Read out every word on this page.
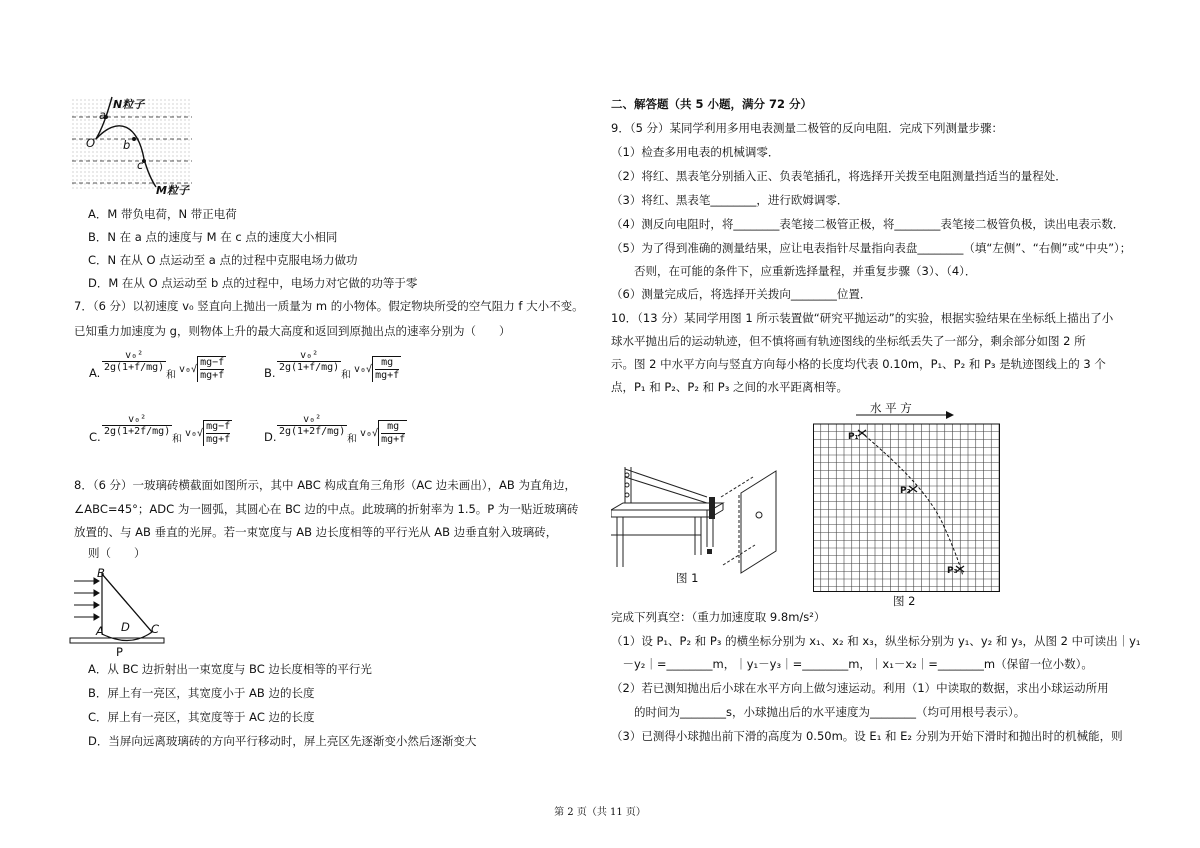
N粒子
a
O b
c
M粒子
A．M 带负电荷，N 带正电荷
B．N 在 a 点的速度与 M 在 c 点的速度大小相同
C．N 在从 O 点运动至 a 点的过程中克服电场力做功
D．M 在从 O 点运动至 b 点的过程中，电场力对它做的功等于零
7．（6 分）以初速度 v₀ 竖直向上抛出一质量为 m 的小物体。假定物块所受的空气阻力 f 大小不变。
已知重力加速度为 g，则物体上升的最大高度和返回到原抛出点的速率分别为（　　）
A. $\frac{\text{v₀²}}{2g(1+f/mg)}$
和
$v_0√ \frac{mg-f}{mg+f}$	B. $\frac{\text{v₀²}}{2g(1+f/mg)}$
和
$v_0√ \frac{mg}{mg+f}$
C. $\frac{\text{v₀²}}{2g(1+2f/mg)}$
和
$v_0√ \frac{mg-f}{mg+f}$	D. $\frac{\text{v₀²}}{2g(1+2f/mg)}$
和
$v_0√ \frac{mg}{mg+f}$
8．（6 分）一玻璃砖横截面如图所示，其中 ABC 构成直角三角形（AC 边未画出），AB 为直角边，
∠ABC=45°；ADC 为一圆弧，其圆心在 BC 边的中点。此玻璃的折射率为 1.5。P 为一贴近玻璃砖
放置的、与 AB 垂直的光屏。若一束宽度与 AB 边长度相等的平行光从 AB 边垂直射入玻璃砖，
则（　　）
B
A D C
P
A．从 BC 边折射出一束宽度与 BC 边长度相等的平行光
B．屏上有一亮区，其宽度小于 AB 边的长度
C．屏上有一亮区，其宽度等于 AC 边的长度
D．当屏向远离玻璃砖的方向平行移动时，屏上亮区先逐渐变小然后逐渐变大
二、解答题（共 5 小题，满分 72 分）
9．（5 分）某同学利用多用电表测量二极管的反向电阻．完成下列测量步骤：
（1）检查多用电表的机械调零．
（2）将红、黑表笔分别插入正、负表笔插孔，将选择开关拨至电阻测量挡适当的量程处．
（3）将红、黑表笔________，进行欧姆调零．
（4）测反向电阻时，将________表笔接二极管正极，将________表笔接二极管负极，读出电表示数．
（5）为了得到准确的测量结果，应让电表指针尽量指向表盘________（填“左侧”、“右侧”或“中央”）；
　　否则，在可能的条件下，应重新选择量程，并重复步骤（3）、（4）．
（6）测量完成后，将选择开关拨向________位置．
10．（13 分）某同学用图 1 所示装置做“研究平抛运动”的实验，根据实验结果在坐标纸上描出了小
球水平抛出后的运动轨迹，但不慎将画有轨迹图线的坐标纸丢失了一部分，剩余部分如图 2 所
示。图 2 中水平方向与竖直方向每小格的长度均代表 0.10m，P₁、P₂ 和 P₃ 是轨迹图线上的 3 个
点，P₁ 和 P₂、P₂ 和 P₃ 之间的水平距离相等。
图 1
水 平 方
P₁
P₂
P₃
图 2
完成下列真空：（重力加速度取 9.8m/s²）
（1）设 P₁、P₂ 和 P₃ 的横坐标分别为 x₁、x₂ 和 x₃，纵坐标分别为 y₁、y₂ 和 y₃，从图 2 中可读出｜y₁
　－y₂｜=________m，｜y₁－y₃｜=________m，｜x₁－x₂｜=________m（保留一位小数）。
（2）若已测知抛出后小球在水平方向上做匀速运动。利用（1）中读取的数据，求出小球运动所用
　　的时间为________s，小球抛出后的水平速度为________（均可用根号表示）。
（3）已测得小球抛出前下滑的高度为 0.50m。设 E₁ 和 E₂ 分别为开始下滑时和抛出时的机械能，则
第 2 页（共 11 页）
